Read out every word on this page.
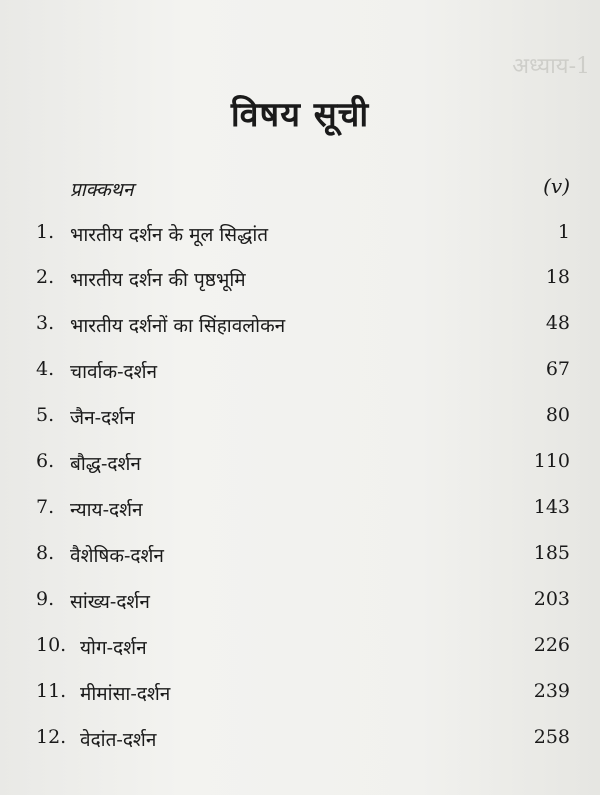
अध्याय-1
विषय सूची
प्राक्कथन	(v)
1. भारतीय दर्शन के मूल सिद्धांत	1
2. भारतीय दर्शन की पृष्ठभूमि	18
3. भारतीय दर्शनों का सिंहावलोकन	48
4. चार्वाक-दर्शन	67
5. जैन-दर्शन	80
6. बौद्ध-दर्शन	110
7. न्याय-दर्शन	143
8. वैशेषिक-दर्शन	185
9. सांख्य-दर्शन	203
10. योग-दर्शन	226
11. मीमांसा-दर्शन	239
12. वेदांत-दर्शन	258
